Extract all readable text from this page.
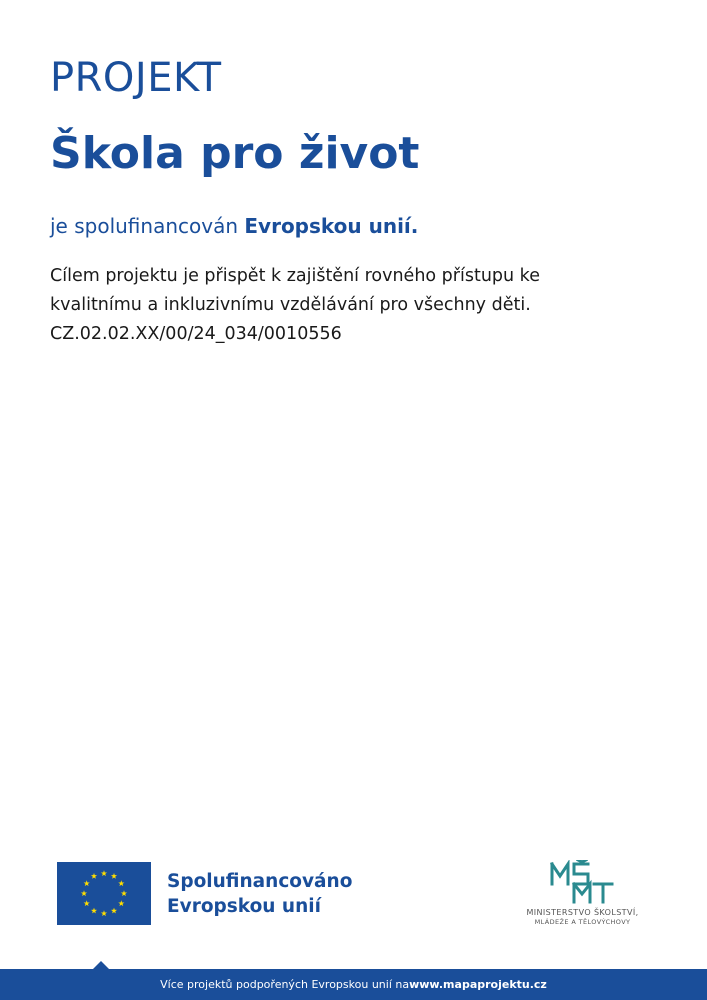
PROJEKT
Škola pro život
je spolufinancován Evropskou unií.
Cílem projektu je přispět k zajištění rovného přístupu ke
kvalitnímu a inkluzivnímu vzdělávání pro všechny děti.
CZ.02.02.XX/00/24_034/0010556
Spolufinancováno
Evropskou unií	MINISTERSTVO ŠKOLSTVÍ,
MLÁDEŽE A TĚLOVÝCHOVY
Více projektů podpořených Evropskou unií na www.mapaprojektu.cz
